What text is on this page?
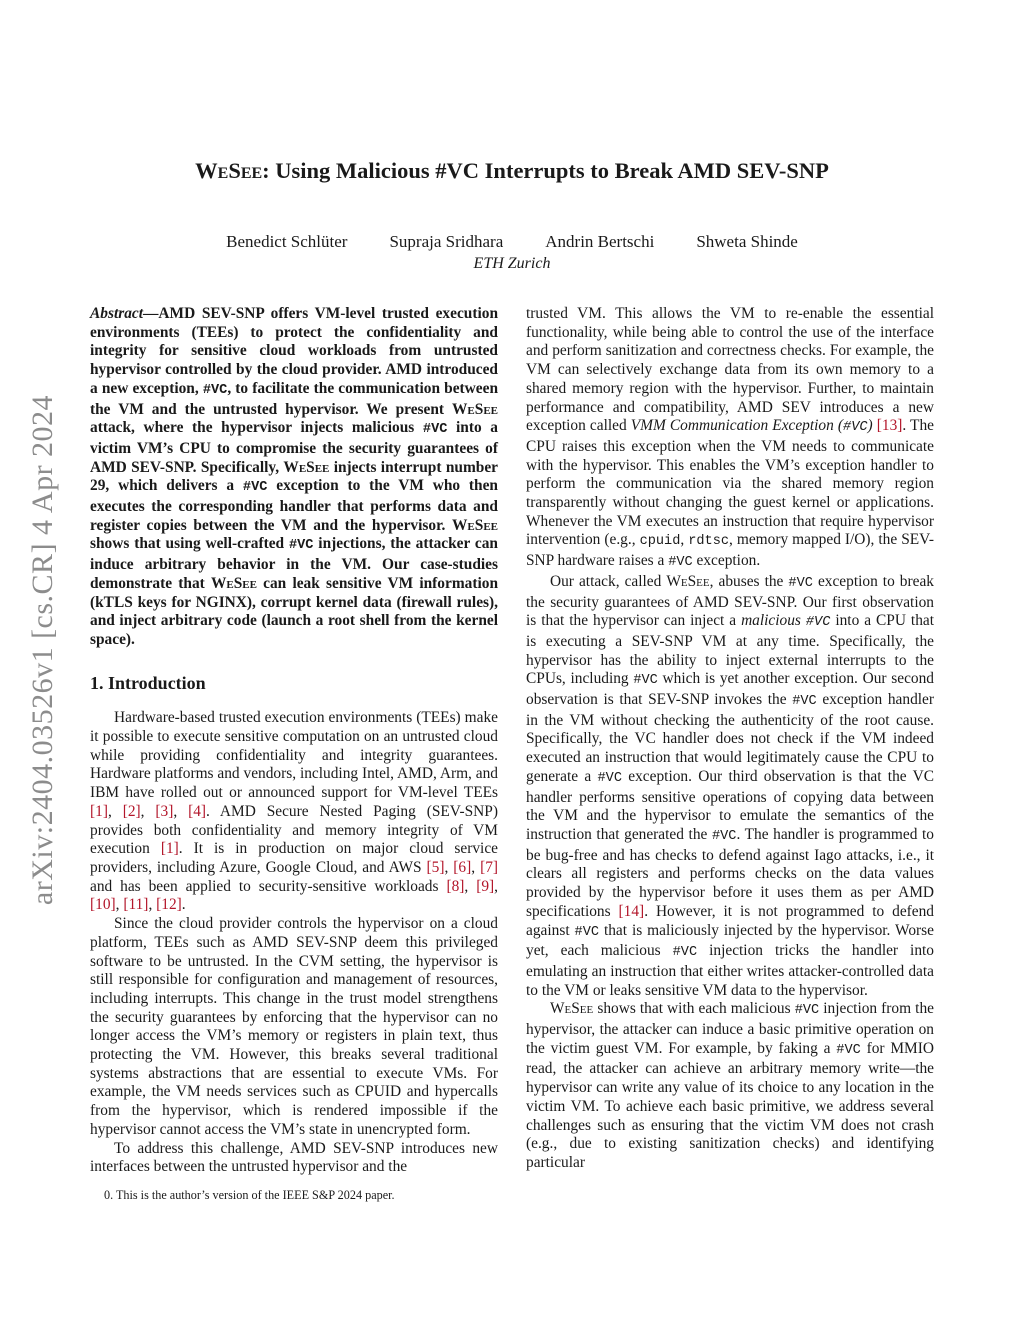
arXiv:2404.03526v1 [cs.CR] 4 Apr 2024
WeSee: Using Malicious #VC Interrupts to Break AMD SEV-SNP
Benedict Schlüter Supraja Sridhara Andrin Bertschi Shweta Shinde
ETH Zurich

Abstract—AMD SEV-SNP offers VM-level trusted execution environments (TEEs) to protect the confidentiality and integrity for sensitive cloud workloads from untrusted hypervisor controlled by the cloud provider. AMD introduced a new exception, #VC, to facilitate the communication between the VM and the untrusted hypervisor. We present WeSee attack, where the hypervisor injects malicious #VC into a victim VM’s CPU to compromise the security guarantees of AMD SEV-SNP. Specifically, WeSee injects interrupt number 29, which delivers a #VC exception to the VM who then executes the corresponding handler that performs data and register copies between the VM and the hypervisor. WeSee shows that using well-crafted #VC injections, the attacker can induce arbitrary behavior in the VM. Our case-studies demonstrate that WeSee can leak sensitive VM information (kTLS keys for NGINX), corrupt kernel data (firewall rules), and inject arbitrary code (launch a root shell from the kernel space).

1. Introduction

Hardware-based trusted execution environments (TEEs) make it possible to execute sensitive computation on an untrusted cloud while providing confidentiality and integrity guarantees. Hardware platforms and vendors, including Intel, AMD, Arm, and IBM have rolled out or announced support for VM-level TEEs [1], [2], [3], [4]. AMD Secure Nested Paging (SEV-SNP) provides both confidentiality and memory integrity of VM execution [1]. It is in production on major cloud service providers, including Azure, Google Cloud, and AWS [5], [6], [7] and has been applied to security-sensitive workloads [8], [9], [10], [11], [12].

Since the cloud provider controls the hypervisor on a cloud platform, TEEs such as AMD SEV-SNP deem this privileged software to be untrusted. In the CVM setting, the hypervisor is still responsible for configuration and management of resources, including interrupts. This change in the trust model strengthens the security guarantees by enforcing that the hypervisor can no longer access the VM’s memory or registers in plain text, thus protecting the VM. However, this breaks several traditional systems abstractions that are essential to execute VMs. For example, the VM needs services such as CPUID and hypercalls from the hypervisor, which is rendered impossible if the hypervisor cannot access the VM’s state in unencrypted form.

To address this challenge, AMD SEV-SNP introduces new interfaces between the untrusted hypervisor and the

0. This is the author’s version of the IEEE S&P 2024 paper.

trusted VM. This allows the VM to re-enable the essential functionality, while being able to control the use of the interface and perform sanitization and correctness checks. For example, the VM can selectively exchange data from its own memory to a shared memory region with the hypervisor. Further, to maintain performance and compatibility, AMD SEV introduces a new exception called VMM Communication Exception (#VC) [13]. The CPU raises this exception when the VM needs to communicate with the hypervisor. This enables the VM’s exception handler to perform the communication via the shared memory region transparently without changing the guest kernel or applications. Whenever the VM executes an instruction that require hypervisor intervention (e.g., cpuid, rdtsc, memory mapped I/O), the SEV-SNP hardware raises a #VC exception.

Our attack, called WeSee, abuses the #VC exception to break the security guarantees of AMD SEV-SNP. Our first observation is that the hypervisor can inject a malicious #VC into a CPU that is executing a SEV-SNP VM at any time. Specifically, the hypervisor has the ability to inject external interrupts to the CPUs, including #VC which is yet another exception. Our second observation is that SEV-SNP invokes the #VC exception handler in the VM without checking the authenticity of the root cause. Specifically, the VC handler does not check if the VM indeed executed an instruction that would legitimately cause the CPU to generate a #VC exception. Our third observation is that the VC handler performs sensitive operations of copying data between the VM and the hypervisor to emulate the semantics of the instruction that generated the #VC. The handler is programmed to be bug-free and has checks to defend against Iago attacks, i.e., it clears all registers and performs checks on the data values provided by the hypervisor before it uses them as per AMD specifications [14]. However, it is not programmed to defend against #VC that is maliciously injected by the hypervisor. Worse yet, each malicious #VC injection tricks the handler into emulating an instruction that either writes attacker-controlled data to the VM or leaks sensitive VM data to the hypervisor.

WeSee shows that with each malicious #VC injection from the hypervisor, the attacker can induce a basic primitive operation on the victim guest VM. For example, by faking a #VC for MMIO read, the attacker can achieve an arbitrary memory write—the hypervisor can write any value of its choice to any location in the victim VM. To achieve each basic primitive, we address several challenges such as ensuring that the victim VM does not crash (e.g., due to existing sanitization checks) and identifying particular
